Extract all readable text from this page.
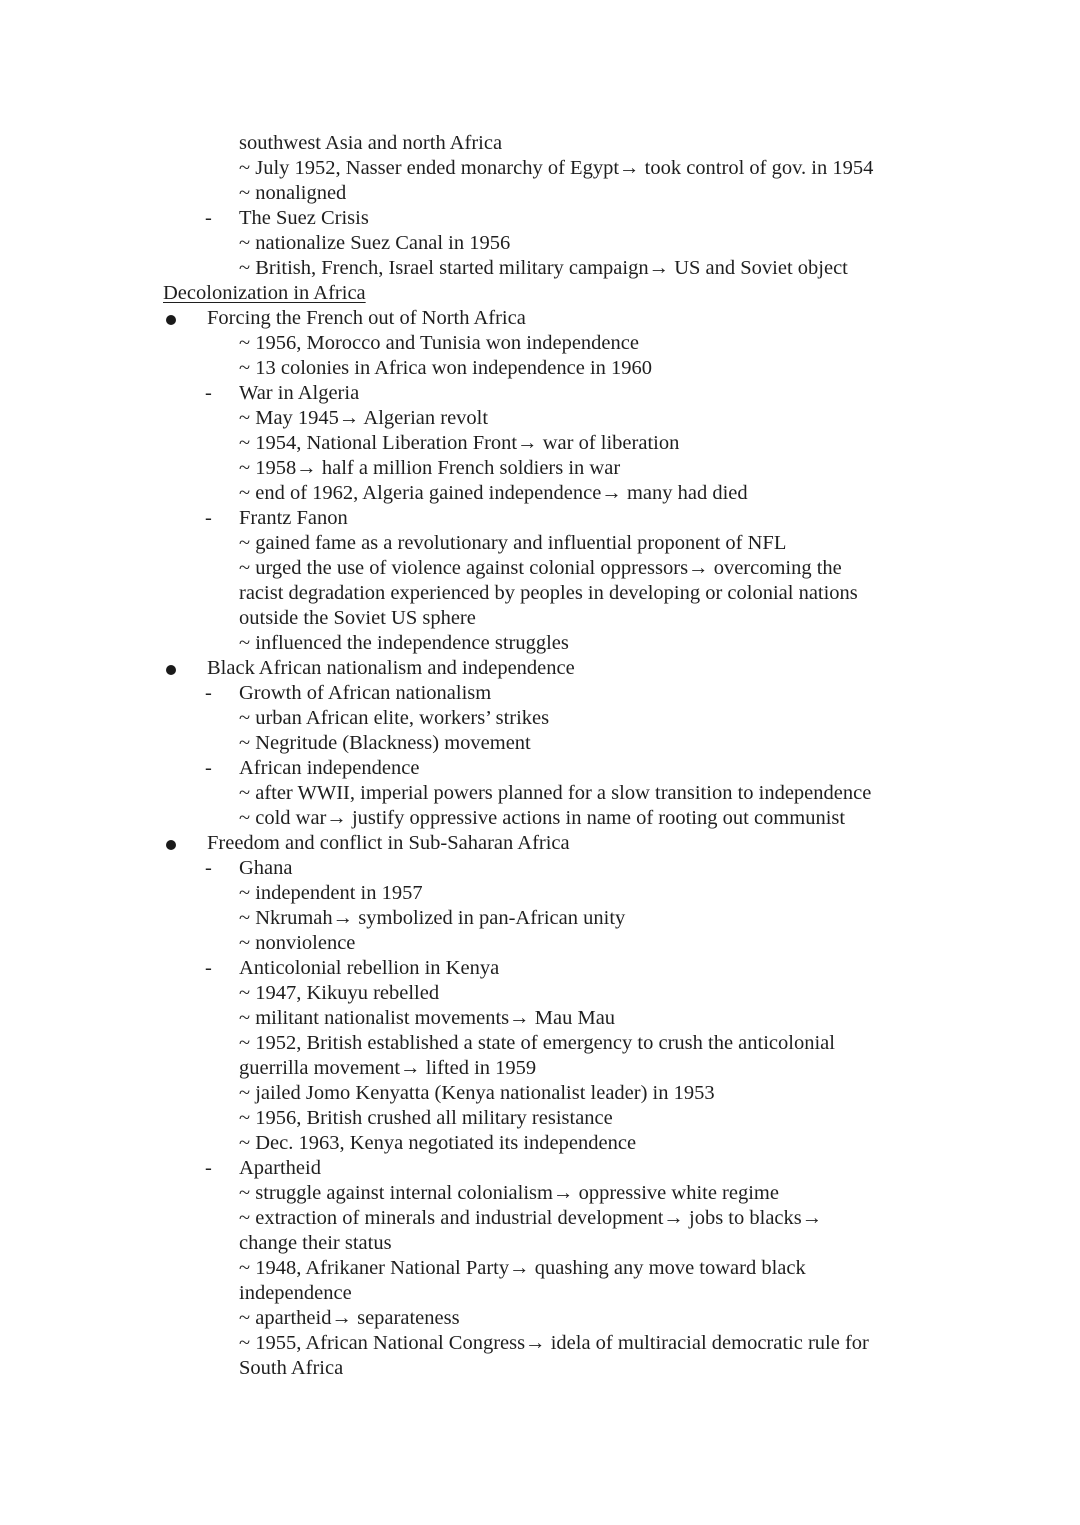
southwest Asia and north Africa
~ July 1952, Nasser ended monarchy of Egypt→ took control of gov. in 1954
~ nonaligned
- The Suez Crisis
~ nationalize Suez Canal in 1956
~ British, French, Israel started military campaign→ US and Soviet object
Decolonization in Africa
Forcing the French out of North Africa
~ 1956, Morocco and Tunisia won independence
~ 13 colonies in Africa won independence in 1960
- War in Algeria
~ May 1945→ Algerian revolt
~ 1954, National Liberation Front→ war of liberation
~ 1958→ half a million French soldiers in war
~ end of 1962, Algeria gained independence→ many had died
- Frantz Fanon
~ gained fame as a revolutionary and influential proponent of NFL
~ urged the use of violence against colonial oppressors→ overcoming the
racist degradation experienced by peoples in developing or colonial nations
outside the Soviet US sphere
~ influenced the independence struggles
Black African nationalism and independence
- Growth of African nationalism
~ urban African elite, workers’ strikes
~ Negritude (Blackness) movement
- African independence
~ after WWII, imperial powers planned for a slow transition to independence
~ cold war→ justify oppressive actions in name of rooting out communist
Freedom and conflict in Sub-Saharan Africa
- Ghana
~ independent in 1957
~ Nkrumah→ symbolized in pan-African unity
~ nonviolence
- Anticolonial rebellion in Kenya
~ 1947, Kikuyu rebelled
~ militant nationalist movements→ Mau Mau
~ 1952, British established a state of emergency to crush the anticolonial
guerrilla movement→ lifted in 1959
~ jailed Jomo Kenyatta (Kenya nationalist leader) in 1953
~ 1956, British crushed all military resistance
~ Dec. 1963, Kenya negotiated its independence
- Apartheid
~ struggle against internal colonialism→ oppressive white regime
~ extraction of minerals and industrial development→ jobs to blacks→
change their status
~ 1948, Afrikaner National Party→ quashing any move toward black
independence
~ apartheid→ separateness
~ 1955, African National Congress→ idela of multiracial democratic rule for
South Africa
